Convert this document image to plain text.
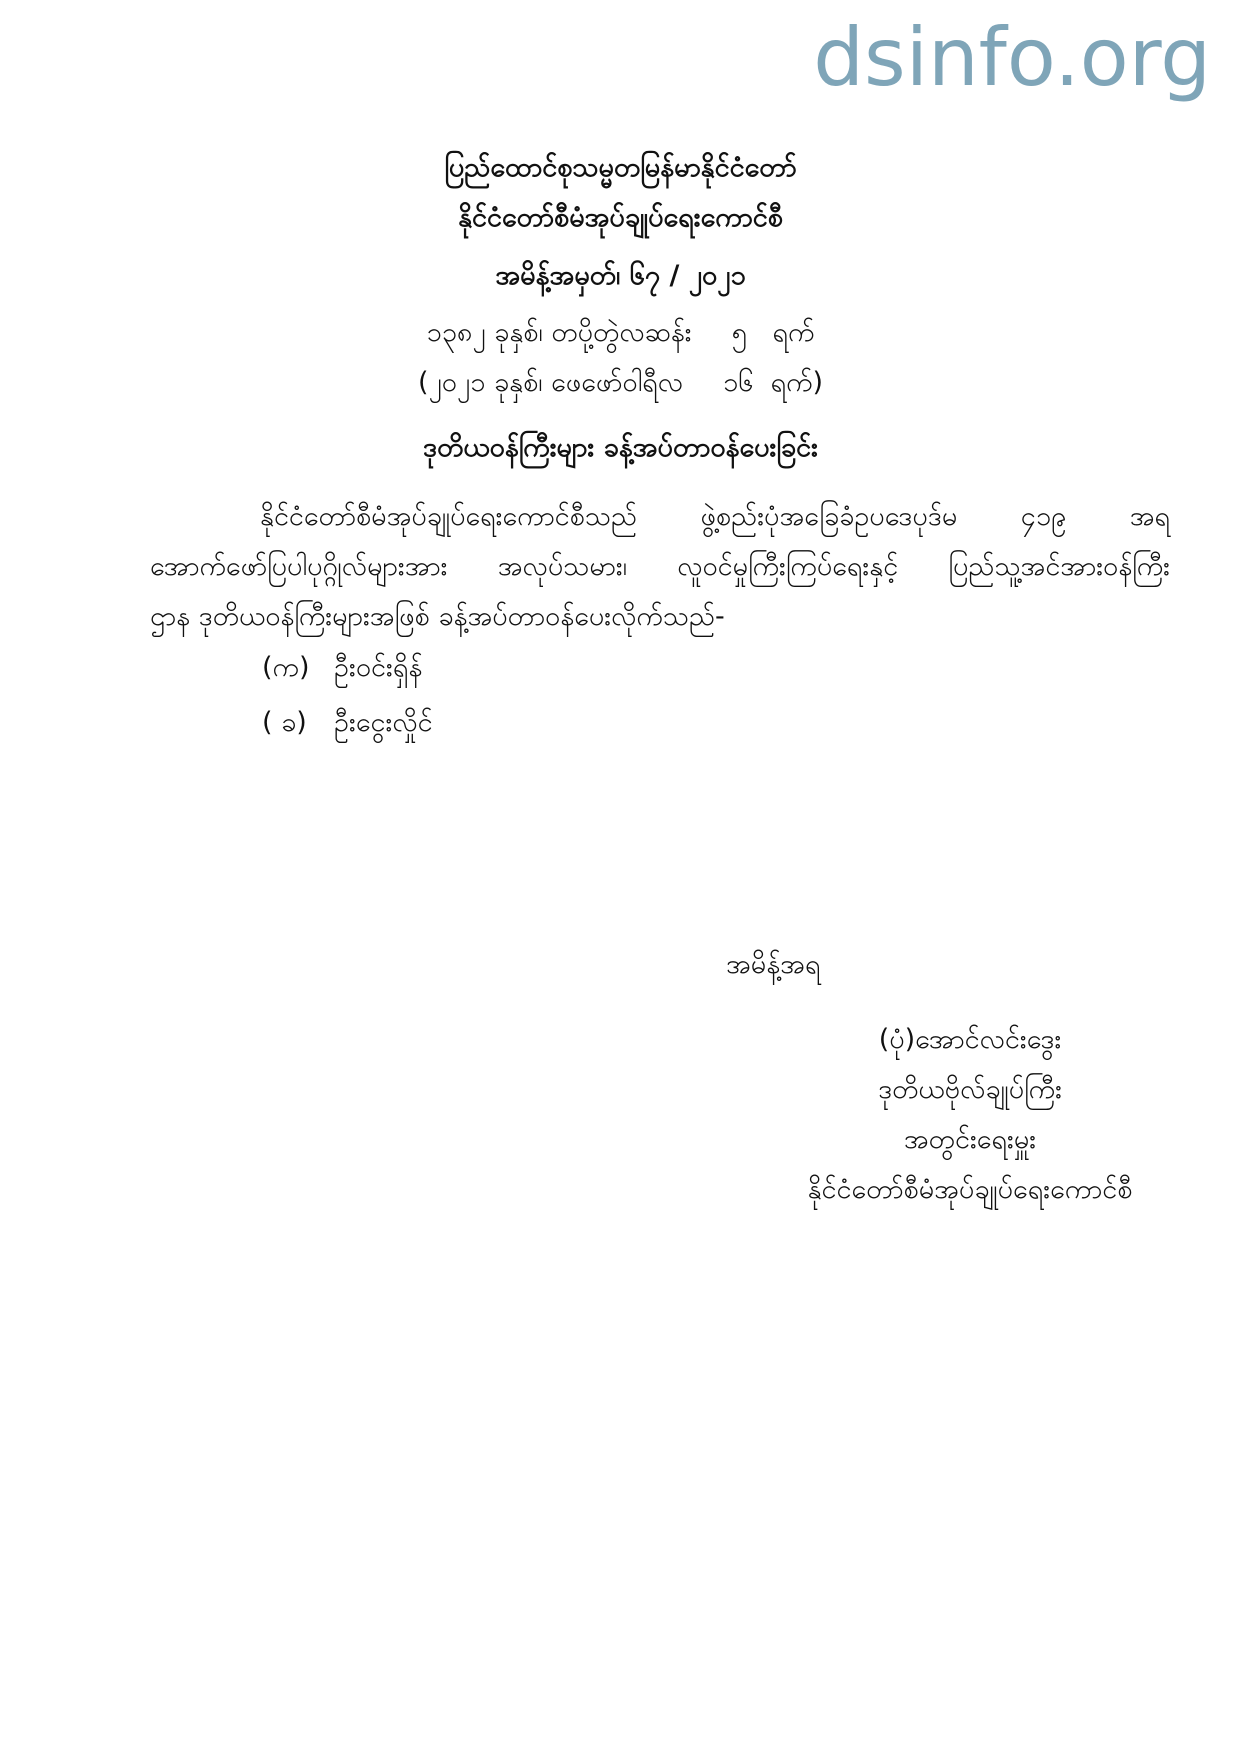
dsinfo.org
ပြည်ထောင်စုသမ္မတမြန်မာနိုင်ငံတော်
နိုင်ငံတော်စီမံအုပ်ချုပ်ရေးကောင်စီ
အမိန့်အမှတ်၊ ၆၇ / ၂၀၂၁
၁၃၈၂ ခုနှစ်၊ တပို့တွဲလဆန်း ၅ ရက်
(၂၀၂၁ ခုနှစ်၊ ဖေဖော်ဝါရီလ ၁၆ ရက်)
ဒုတိယဝန်ကြီးများ ခန့်အပ်တာဝန်ပေးခြင်း
နိုင်ငံတော်စီမံအုပ်ချုပ်ရေးကောင်စီသည် ဖွဲ့စည်းပုံအခြေခံဥပဒေပုဒ်မ ၄၁၉ အရ
အောက်ဖော်ပြပါပုဂ္ဂိုလ်များအား အလုပ်သမား၊ လူဝင်မှုကြီးကြပ်ရေးနှင့် ပြည်သူ့အင်အားဝန်ကြီး
ဌာန ဒုတိယဝန်ကြီးများအဖြစ် ခန့်အပ်တာဝန်ပေးလိုက်သည်-
(က) ဦးဝင်းရှိန်
( ခ) ဦးငွေးလှိုင်
အမိန့်အရ
(ပုံ)အောင်လင်းဒွေး
ဒုတိယဗိုလ်ချုပ်ကြီး
အတွင်းရေးမှူး
နိုင်ငံတော်စီမံအုပ်ချုပ်ရေးကောင်စီ
